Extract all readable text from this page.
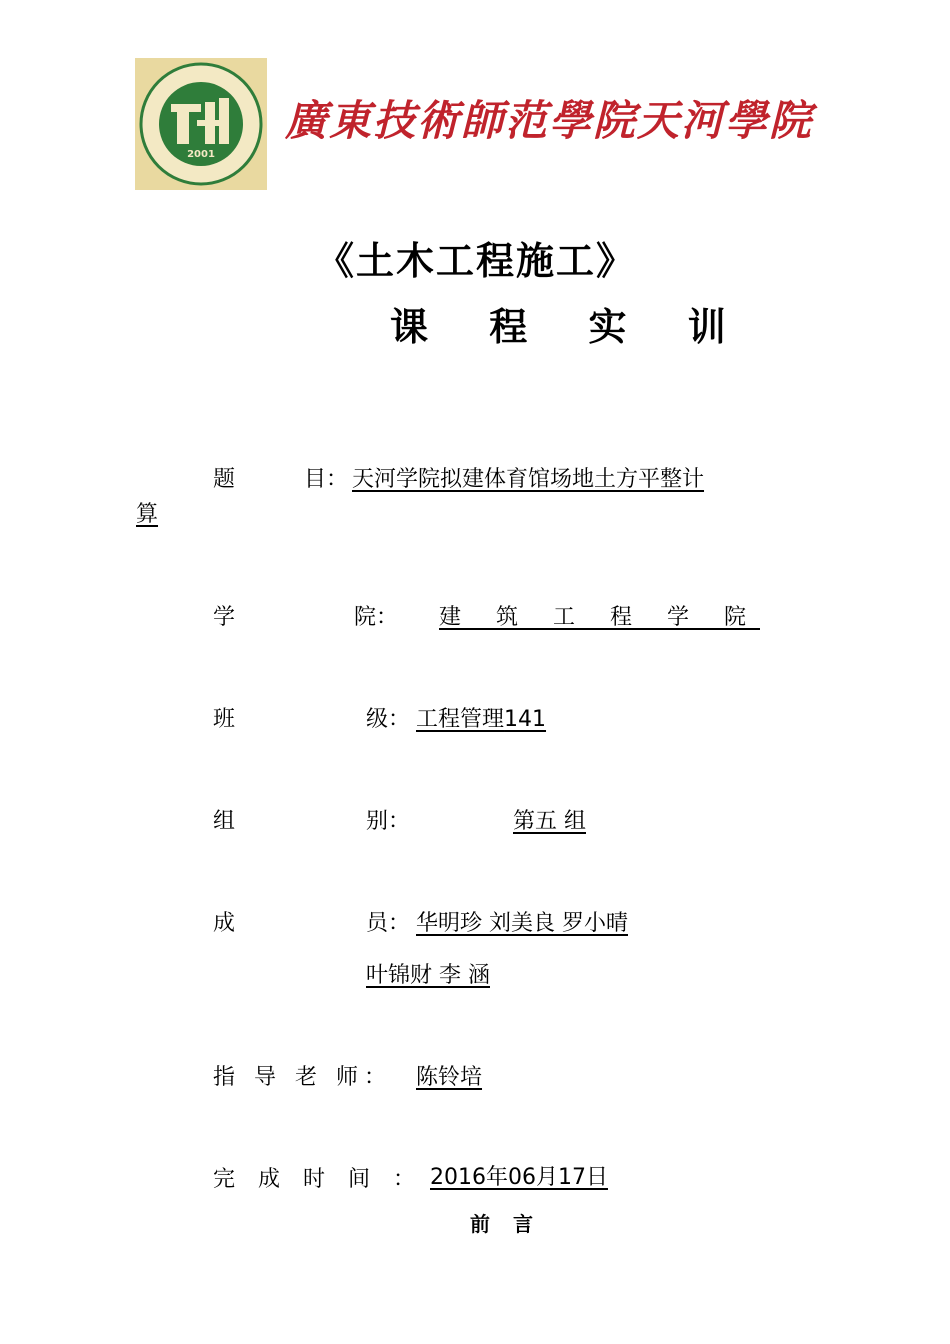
2001
廣東技術師范學院天河學院
《土木工程施工》
课 程 实 训
题	目： 天河学院拟建体育馆场地土方平整计
算
学	院：	建 筑 工 程 学 院
班	级： 工程管理141
组	别：	第五 组
成	员： 华明珍 刘美良 罗小晴
叶锦财 李 涵
指 导 老 师： 陈铃培
完 成 时 间 ： 2016年06月17日
前 言
